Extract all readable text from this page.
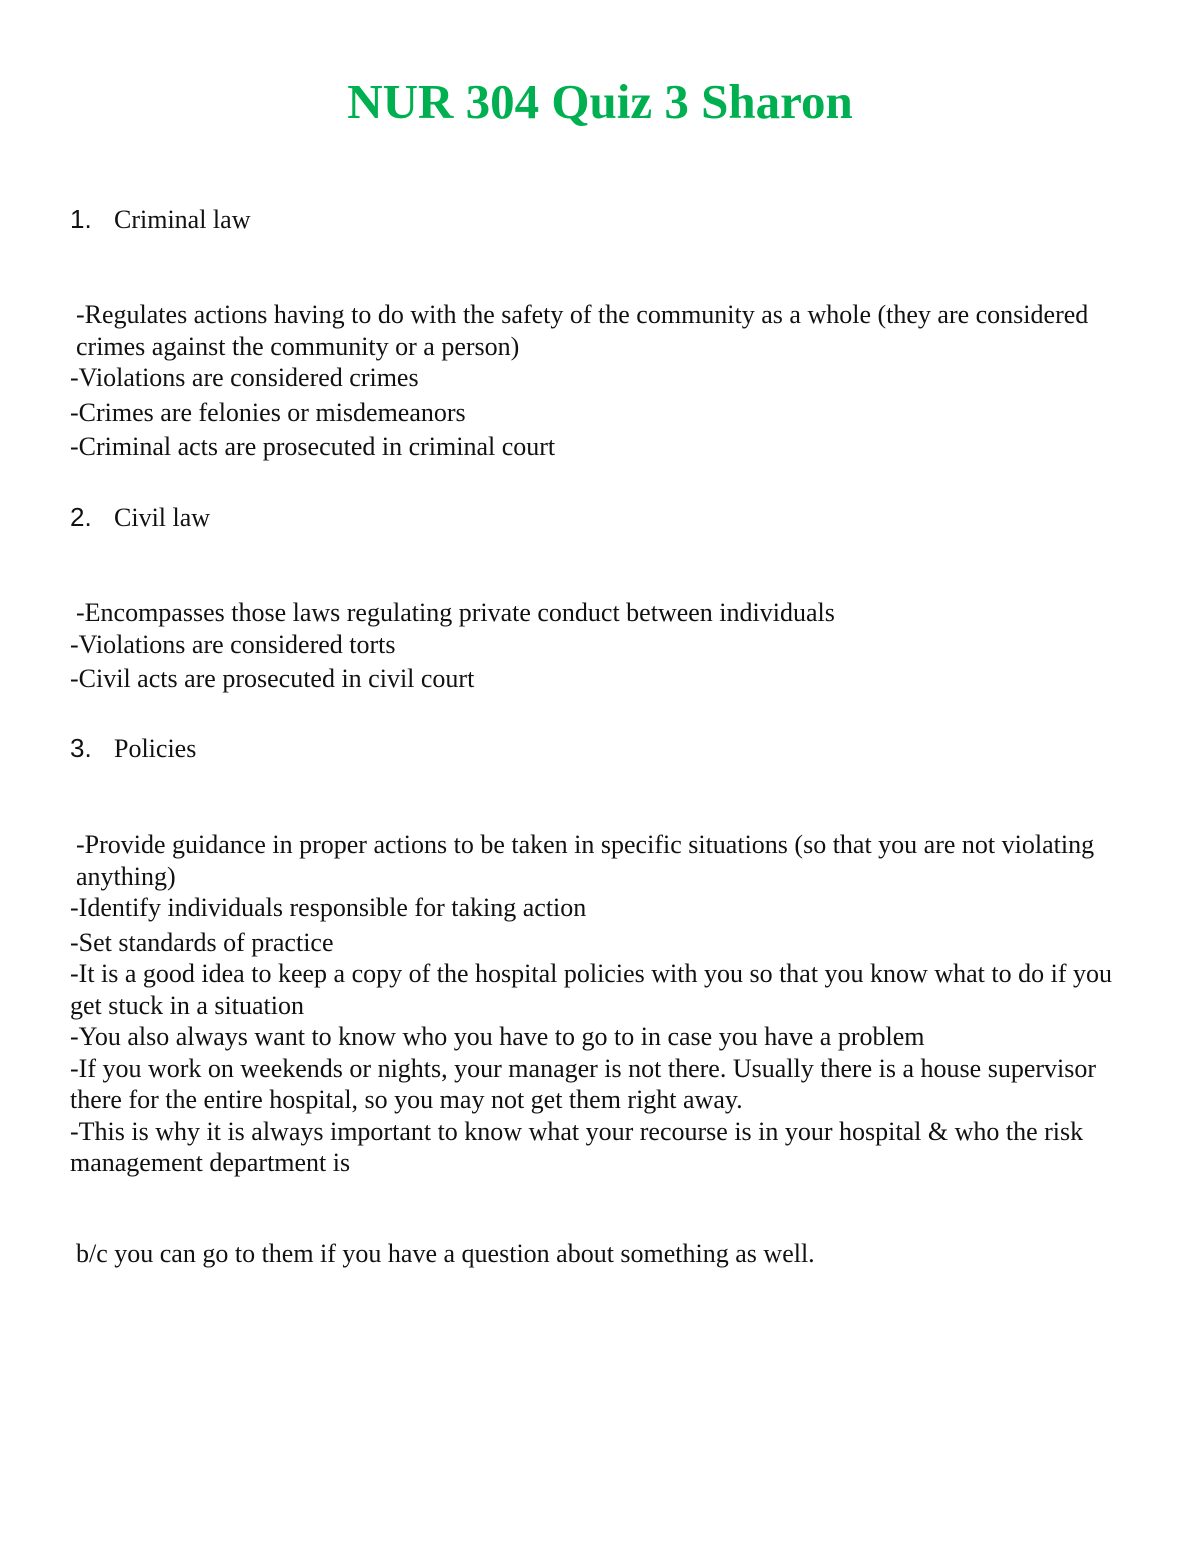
NUR 304 Quiz 3 Sharon

1. Criminal law

-Regulates actions having to do with the safety of the community as a whole (they are considered crimes against the community or a person)

-Violations are considered crimes

-Crimes are felonies or misdemeanors

-Criminal acts are prosecuted in criminal court

2. Civil law

-Encompasses those laws regulating private conduct between individuals

-Violations are considered torts

-Civil acts are prosecuted in civil court

3. Policies

-Provide guidance in proper actions to be taken in specific situations (so that you are not violating anything)

-Identify individuals responsible for taking action

-Set standards of practice

-It is a good idea to keep a copy of the hospital policies with you so that you know what to do if you get stuck in a situation

-You also always want to know who you have to go to in case you have a problem

-If you work on weekends or nights, your manager is not there. Usually there is a house supervisor there for the entire hospital, so you may not get them right away.

-This is why it is always important to know what your recourse is in your hospital & who the risk management department is

b/c you can go to them if you have a question about something as well.
